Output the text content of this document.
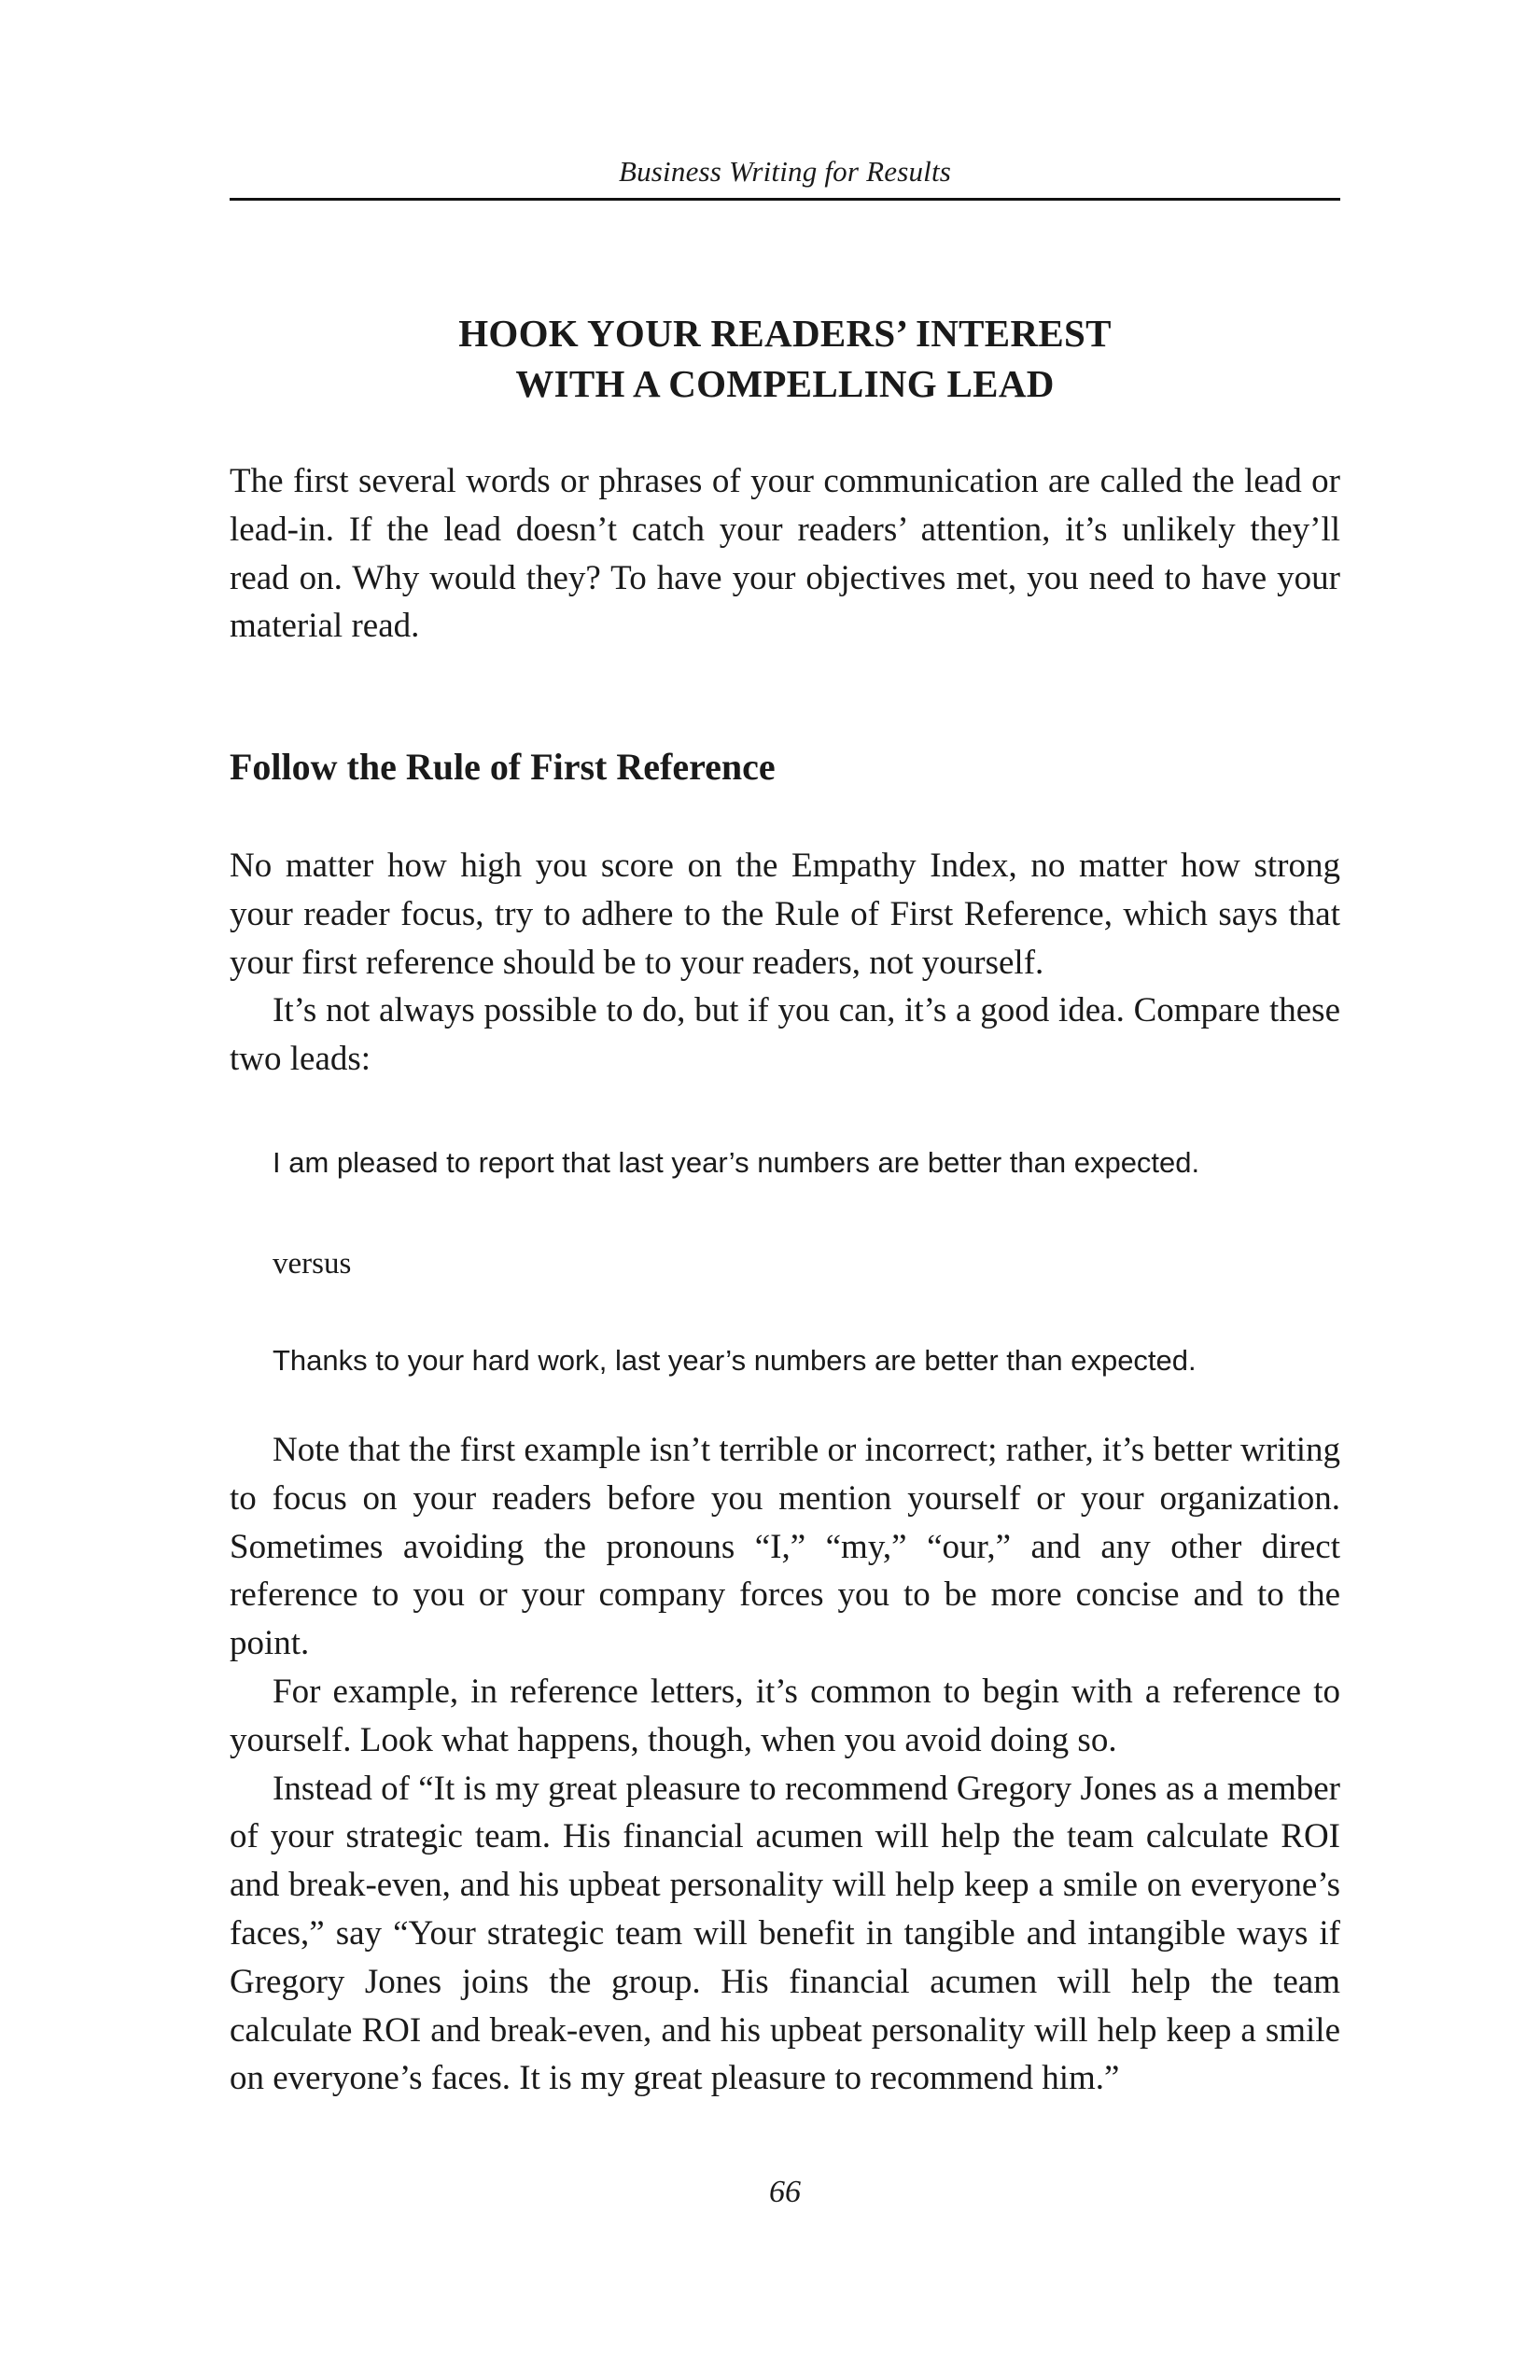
Business Writing for Results
HOOK YOUR READERS’ INTEREST
WITH A COMPELLING LEAD

The first several words or phrases of your communication are called the lead or lead-in. If the lead doesn’t catch your readers’ attention, it’s unlikely they’ll read on. Why would they? To have your objectives met, you need to have your material read.

Follow the Rule of First Reference

No matter how high you score on the Empathy Index, no matter how strong your reader focus, try to adhere to the Rule of First Reference, which says that your first reference should be to your readers, not yourself.

It’s not always possible to do, but if you can, it’s a good idea. Compare these two leads:

I am pleased to report that last year’s numbers are better than expected.
versus
Thanks to your hard work, last year’s numbers are better than expected.

Note that the first example isn’t terrible or incorrect; rather, it’s better writing to focus on your readers before you mention yourself or your organization. Sometimes avoiding the pronouns “I,” “my,” “our,” and any other direct reference to you or your company forces you to be more concise and to the point.

For example, in reference letters, it’s common to begin with a reference to yourself. Look what happens, though, when you avoid doing so.

Instead of “It is my great pleasure to recommend Gregory Jones as a member of your strategic team. His financial acumen will help the team calculate ROI and break-even, and his upbeat personality will help keep a smile on everyone’s faces,” say “Your strategic team will benefit in tangible and intangible ways if Gregory Jones joins the group. His financial acumen will help the team calculate ROI and break-even, and his upbeat personality will help keep a smile on everyone’s faces. It is my great pleasure to recommend him.”

66
